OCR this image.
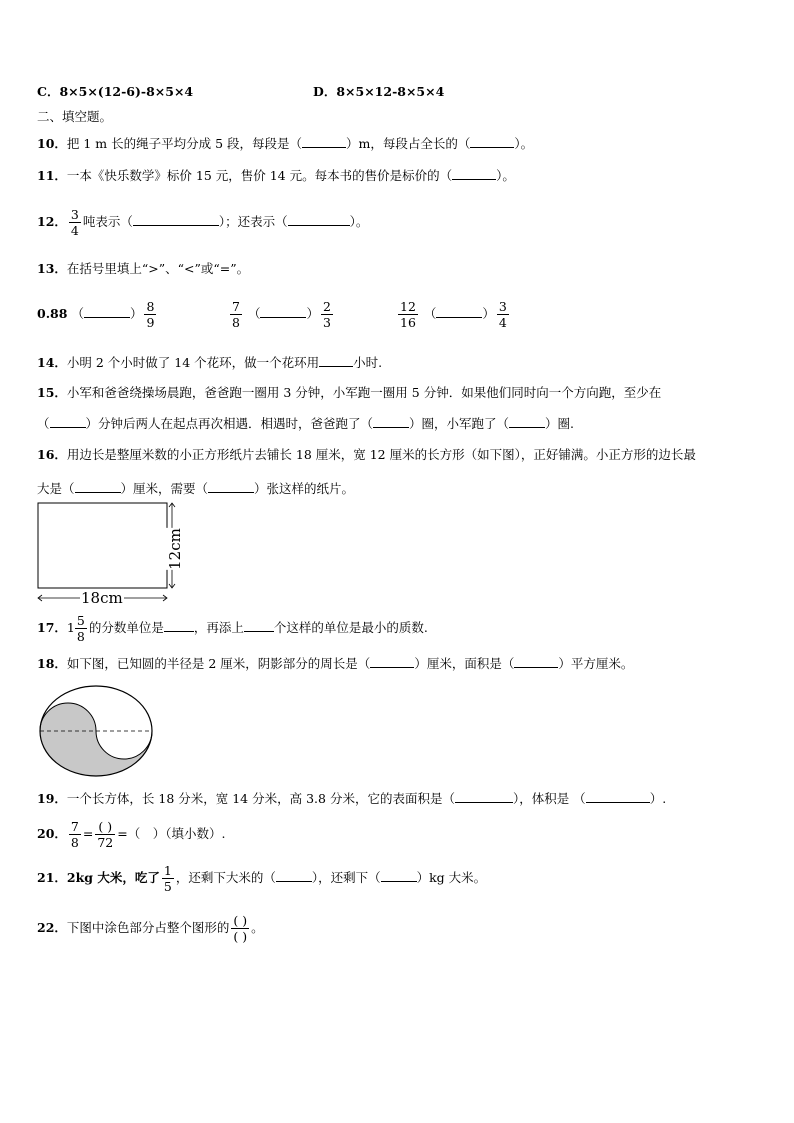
C．8×5×(12-6)-8×5×4	D．8×5×12-8×5×4
二、填空题。
10．把 1 m 长的绳子平均分成 5 段，每段是（	）m，每段占全长的（	）。
11．一本《快乐数学》标价 15 元，售价 14 元。每本书的售价是标价的（	）。
12． $\frac{3}{4}$ 吨表示（	）；还表示（	）。
13．在括号里填上“>”、“<”或“=”。
0.88 （	） $\frac{8}{9}$	$\frac{7}{8}$ （	） $\frac{2}{3}$	$\frac{12}{16}$ （	） $\frac{3}{4}$
14．小明 2 个小时做了 14 个花环，做一个花环用	小时.
15．小军和爸爸绕操场晨跑，爸爸跑一圈用 3 分钟，小军跑一圈用 5 分钟．如果他们同时向一个方向跑，至少在
（	）分钟后两人在起点再次相遇．相遇时，爸爸跑了（	）圈，小军跑了（	）圈.
16．用边长是整厘米数的小正方形纸片去铺长 18 厘米，宽 12 厘米的长方形（如下图），正好铺满。小正方形的边长最
大是（	）厘米，需要（	）张这样的纸片。
18cm
12cm
17．$1 \frac{5}{8}$ 的分数单位是 ，再添上 个这样的单位是最小的质数.
18．如下图，已知圆的半径是 2 厘米，阴影部分的周长是（	）厘米，面积是（	）平方厘米。
19．一个长方体，长 18 分米，宽 14 分米，高 3.8 分米，它的表面积是（	），体积是 （	）.
20． $\frac{7}{8} = \frac{( )}{72}$ =（　）（填小数）.
21．2kg 大米，吃了 $\frac{1}{5}$ ，还剩下大米的（	），还剩下（	）kg 大米。
22．下图中涂色部分占整个图形的 $\frac{( )}{( )}$ 。
